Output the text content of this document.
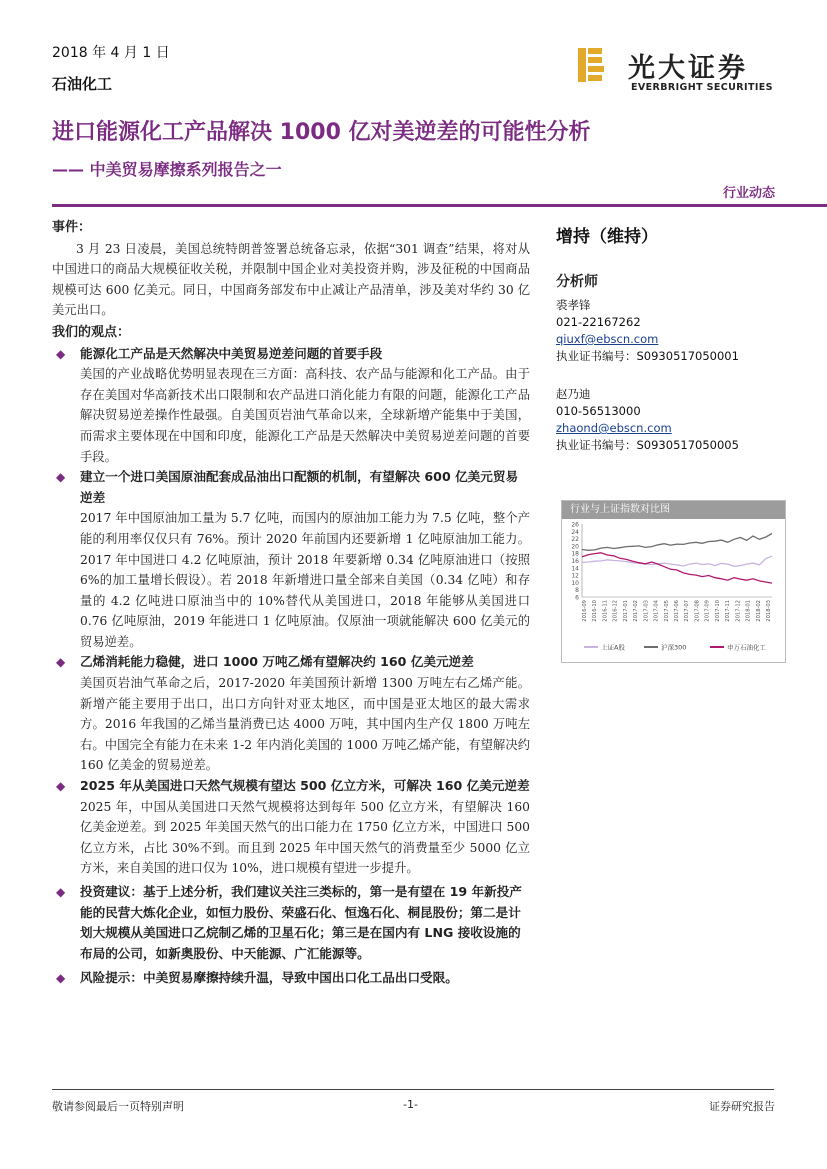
2018 年 4 月 1 日
石油化工	光大证券
EVERBRIGHT SECURITIES
进口能源化工产品解决 1000 亿对美逆差的可能性分析
—— 中美贸易摩擦系列报告之一
行业动态
事件：
3 月 23 日凌晨，美国总统特朗普签署总统备忘录，依据“301 调查”结果，将对从中国进口的商品大规模征收关税，并限制中国企业对美投资并购，涉及征税的中国商品规模可达 600 亿美元。同日，中国商务部发布中止减让产品清单，涉及美对华约 30 亿美元出口。
我们的观点：
◆ 能源化工产品是天然解决中美贸易逆差问题的首要手段
美国的产业战略优势明显表现在三方面：高科技、农产品与能源和化工产品。由于存在美国对华高新技术出口限制和农产品进口消化能力有限的问题，能源化工产品解决贸易逆差操作性最强。自美国页岩油气革命以来，全球新增产能集中于美国，而需求主要体现在中国和印度，能源化工产品是天然解决中美贸易逆差问题的首要手段。
◆ 建立一个进口美国原油配套成品油出口配额的机制，有望解决 600 亿美元贸易逆差
2017 年中国原油加工量为 5.7 亿吨，而国内的原油加工能力为 7.5 亿吨，整个产能的利用率仅仅只有 76%。预计 2020 年前国内还要新增 1 亿吨原油加工能力。2017 年中国进口 4.2 亿吨原油，预计 2018 年要新增 0.34 亿吨原油进口（按照 6%的加工量增长假设）。若 2018 年新增进口量全部来自美国（0.34 亿吨）和存量的 4.2 亿吨进口原油当中的 10%替代从美国进口，2018 年能够从美国进口 0.76 亿吨原油，2019 年能进口 1 亿吨原油。仅原油一项就能解决 600 亿美元的贸易逆差。
◆ 乙烯消耗能力稳健，进口 1000 万吨乙烯有望解决约 160 亿美元逆差
美国页岩油气革命之后，2017-2020 年美国预计新增 1300 万吨左右乙烯产能。新增产能主要用于出口，出口方向针对亚太地区，而中国是亚太地区的最大需求方。2016 年我国的乙烯当量消费已达 4000 万吨，其中国内生产仅 1800 万吨左右。中国完全有能力在未来 1-2 年内消化美国的 1000 万吨乙烯产能，有望解决约 160 亿美金的贸易逆差。
◆ 2025 年从美国进口天然气规模有望达 500 亿立方米，可解决 160 亿美元逆差
2025 年，中国从美国进口天然气规模将达到每年 500 亿立方米，有望解决 160 亿美金逆差。到 2025 年美国天然气的出口能力在 1750 亿立方米，中国进口 500 亿立方米，占比 30%不到。而且到 2025 年中国天然气的消费量至少 5000 亿立方米，来自美国的进口仅为 10%，进口规模有望进一步提升。
◆ 投资建议：基于上述分析，我们建议关注三类标的，第一是有望在 19 年新投产能的民营大炼化企业，如恒力股份、荣盛石化、恒逸石化、桐昆股份；第二是计划大规模从美国进口乙烷制乙烯的卫星石化；第三是在国内有 LNG 接收设施的布局的公司，如新奥股份、中天能源、广汇能源等。
◆ 风险提示：中美贸易摩擦持续升温，导致中国出口化工品出口受限。
增持（维持）
分析师
裘孝锋
021-22167262
qiuxf@ebscn.com
执业证书编号：S0930517050001
赵乃迪
010-56513000
zhaond@ebscn.com
执业证书编号：S0930517050005
行业与上证指数对比图
26
24
22
20
18
16
14
12
10
8
6
2016-09 2016-10 2016-11 2016-12 2017-01 2017-02 2017-03 2017-04 2017-05 2017-06 2017-07 2017-08 2017-09 2017-10 2017-11 2017-12 2018-01 2018-02 2018-03
上证A股	沪深300	申万石油化工
敬请参阅最后一页特别声明	-1-	证券研究报告
